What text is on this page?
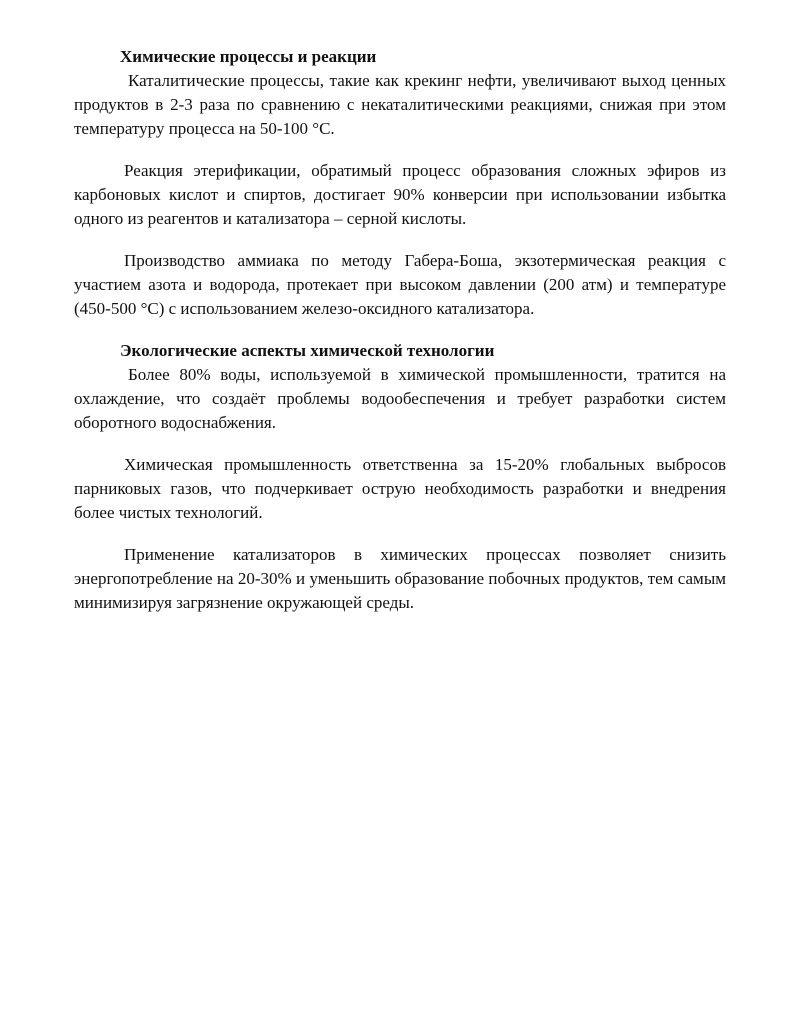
Химические процессы и реакции

Каталитические процессы, такие как крекинг нефти, увеличивают выход ценных продуктов в 2-3 раза по сравнению с некаталитическими реакциями, снижая при этом температуру процесса на 50-100 °С.

Реакция этерификации, обратимый процесс образования сложных эфиров из карбоновых кислот и спиртов, достигает 90% конверсии при использовании избытка одного из реагентов и катализатора – серной кислоты.

Производство аммиака по методу Габера-Боша, экзотермическая реакция с участием азота и водорода, протекает при высоком давлении (200 атм) и температуре (450-500 °С) с использованием железо-оксидного катализатора.

Экологические аспекты химической технологии

Более 80% воды, используемой в химической промышленности, тратится на охлаждение, что создаёт проблемы водообеспечения и требует разработки систем оборотного водоснабжения.

Химическая промышленность ответственна за 15-20% глобальных выбросов парниковых газов, что подчеркивает острую необходимость разработки и внедрения более чистых технологий.

Применение катализаторов в химических процессах позволяет снизить энергопотребление на 20-30% и уменьшить образование побочных продуктов, тем самым минимизируя загрязнение окружающей среды.
